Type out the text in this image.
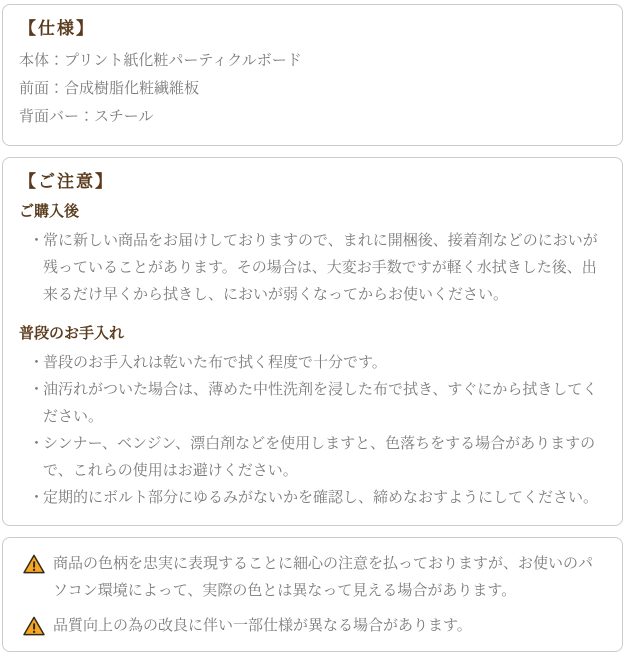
【仕様】
本体：プリント紙化粧パーティクルボード
前面：合成樹脂化粧繊維板
背面バー：スチール
【ご注意】
ご購入後
・
常に新しい商品をお届けしておりますので、まれに開梱後、接着剤などのにおいが残っていることがあります。その場合は、大変お手数ですが軽く水拭きした後、出来るだけ早くから拭きし、においが弱くなってからお使いください。
普段のお手入れ
・
普段のお手入れは乾いた布で拭く程度で十分です。
・
油汚れがついた場合は、薄めた中性洗剤を浸した布で拭き、すぐにから拭きしてください。
・
シンナー、ベンジン、漂白剤などを使用しますと、色落ちをする場合がありますので、これらの使用はお避けください。
・
定期的にボルト部分にゆるみがないかを確認し、締めなおすようにしてください。
商品の色柄を忠実に表現することに細心の注意を払っておりますが、お使いのパソコン環境によって、実際の色とは異なって見える場合があります。
品質向上の為の改良に伴い一部仕様が異なる場合があります。
